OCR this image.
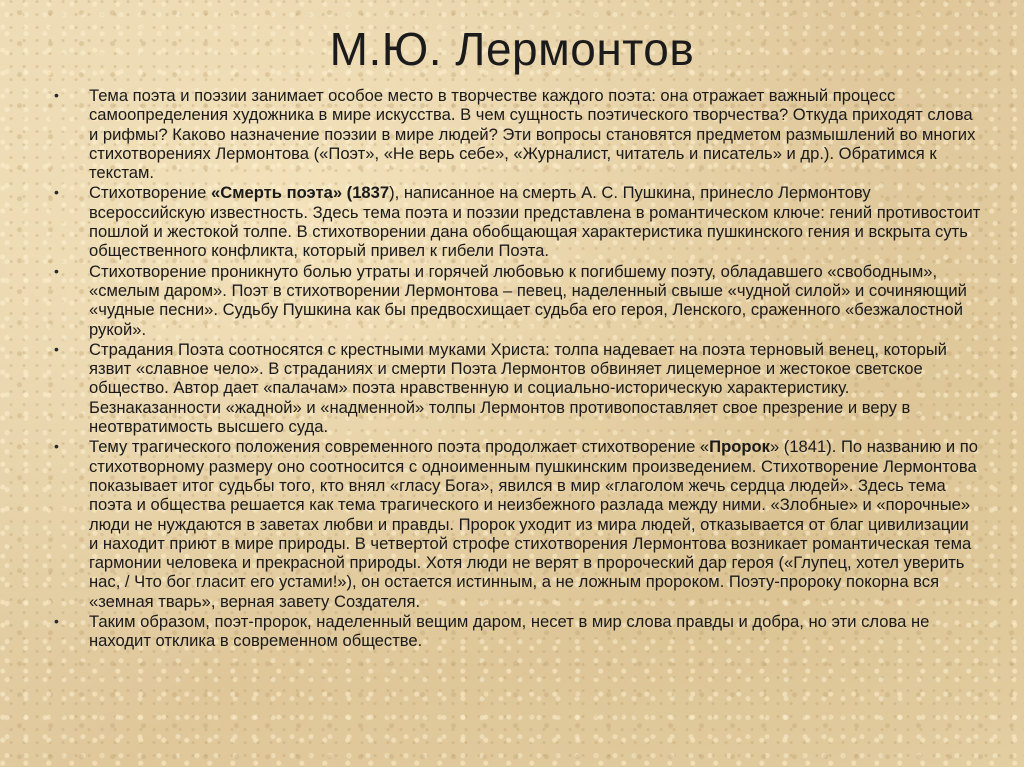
М.Ю. Лермонтов
• Тема поэта и поэзии занимает особое место в творчестве каждого поэта: она отражает важный процесс самоопределения художника в мире искусства. В чем сущность поэтического творчества? Откуда приходят слова и рифмы? Каково назначение поэзии в мире людей? Эти вопросы становятся предметом размышлений во многих стихотворениях Лермонтова («Поэт», «Не верь себе», «Журналист, читатель и писатель» и др.). Обратимся к текстам.
• Стихотворение «Смерть поэта» (1837), написанное на смерть А. С. Пушкина, принесло Лермонтову всероссийскую известность. Здесь тема поэта и поэзии представлена в романтическом ключе: гений противостоит пошлой и жестокой толпе. В стихотворении дана обобщающая характеристика пушкинского гения и вскрыта суть общественного конфликта, который привел к гибели Поэта.
• Стихотворение проникнуто болью утраты и горячей любовью к погибшему поэту, обладавшего «свободным», «смелым даром». Поэт в стихотворении Лермонтова – певец, наделенный свыше «чудной силой» и сочиняющий «чудные песни». Судьбу Пушкина как бы предвосхищает судьба его героя, Ленского, сраженного «безжалостной рукой».
• Страдания Поэта соотносятся с крестными муками Христа: толпа надевает на поэта терновый венец, который язвит «славное чело». В страданиях и смерти Поэта Лермонтов обвиняет лицемерное и жестокое светское общество. Автор дает «палачам» поэта нравственную и социально-историческую характеристику. Безнаказанности «жадной» и «надменной» толпы Лермонтов противопоставляет свое презрение и веру в неотвратимость высшего суда.
• Тему трагического положения современного поэта продолжает стихотворение «Пророк» (1841). По названию и по стихотворному размеру оно соотносится с одноименным пушкинским произведением. Стихотворение Лермонтова показывает итог судьбы того, кто внял «гласу Бога», явился в мир «глаголом жечь сердца людей». Здесь тема поэта и общества решается как тема трагического и неизбежного разлада между ними. «Злобные» и «порочные» люди не нуждаются в заветах любви и правды. Пророк уходит из мира людей, отказывается от благ цивилизации и находит приют в мире природы. В четвертой строфе стихотворения Лермонтова возникает романтическая тема гармонии человека и прекрасной природы. Хотя люди не верят в пророческий дар героя («Глупец, хотел уверить нас, / Что бог гласит его устами!»), он остается истинным, а не ложным пророком. Поэту-пророку покорна вся «земная тварь», верная завету Создателя.
• Таким образом, поэт-пророк, наделенный вещим даром, несет в мир слова правды и добра, но эти слова не находит отклика в современном обществе.
